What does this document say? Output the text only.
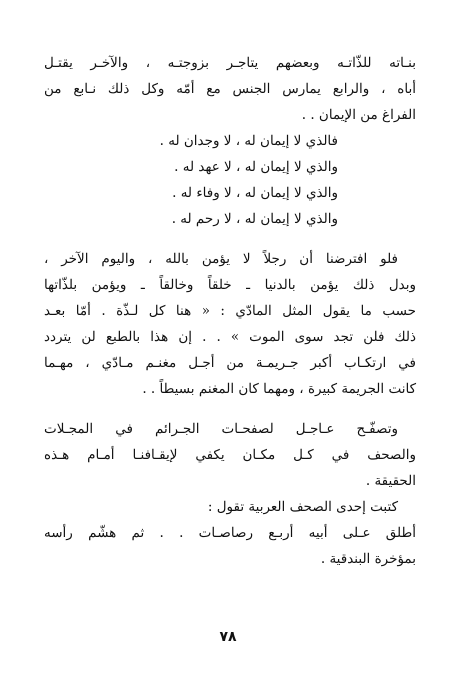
بنـاته للذّاتـه وبعضهم يتاجـر بزوجتـه ، والآخـر يقتـل
أباه ، والرابع يمارس الجنس مع أمّه وكل ذلك نـابع من
الفراغ من الإيمان . .
فالذي لا إيمان له ، لا وجدان له .
والذي لا إيمان له ، لا عهد له .
والذي لا إيمان له ، لا وفاء له .
والذي لا إيمان له ، لا رحم له .
فلو افترضنا أن رجلاً لا يؤمن بالله ، واليوم الآخر ،
وبدل ذلك يؤمن بالدنيا ـ خلقاً وخالقاً ـ ويؤمن بلذّاتها
حسب ما يقول المثل المادّي : « هنا كل لـذّة . أمّا بعـد
ذلك فلن تجد سوى الموت » . . إن هذا بالطبع لن يتردد
في ارتكـاب أكبر جـريمـة من أجـل مغنـم مـادّي ، مهـما
كانت الجريمة كبيرة ، ومهما كان المغنم بسيطاً . .
وتصفّـح عـاجـل لصفحـات الجـرائم في المجـلات
والصحف في كـل مكـان يكفي لإيقـافنـا أمـام هـذه
الحقيقة .
كتبت إحدى الصحف العربية تقول :
أطلق عـلى أبيه أربـع رصاصـات . . ثم هشّم رأسه
بمؤخرة البندقية .
٧٨
